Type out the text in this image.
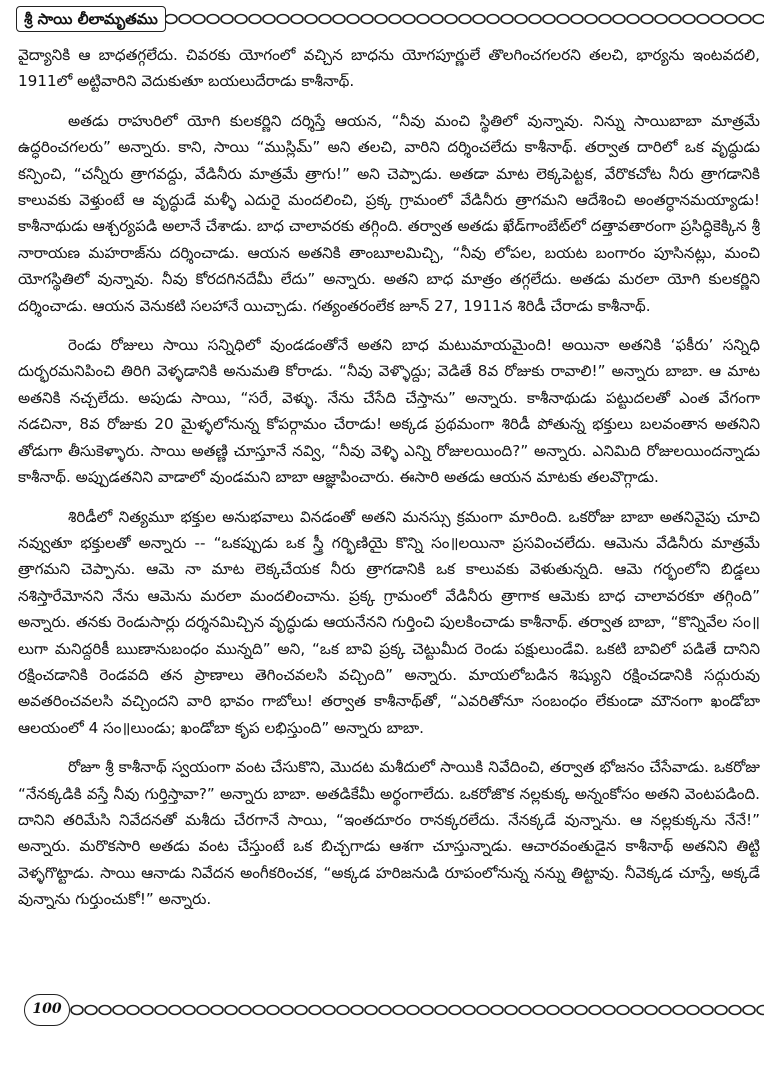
శ్రీ సాయి లీలామృతము

వైద్యానికి ఆ బాధతగ్గలేదు. చివరకు యోగంలో వచ్చిన బాధను యోగపూర్ణులే తొలగించగలరని తలచి, భార్యను ఇంటవదలి, 1911లో అట్టివారిని వెదుకుతూ బయలుదేరాడు కాశీనాథ్.

అతడు రాహురిలో యోగి కులకర్ణిని దర్శిస్తే ఆయన, “నీవు మంచి స్థితిలో వున్నావు. నిన్ను సాయిబాబా మాత్రమే ఉద్ధరించగలరు” అన్నారు. కాని, సాయి “ముస్లిమ్” అని తలచి, వారిని దర్శించలేదు కాశీనాథ్. తర్వాత దారిలో ఒక వృద్ధుడు కన్పించి, “చన్నీరు త్రాగవద్దు, వేడినీరు మాత్రమే త్రాగు!” అని చెప్పాడు. అతడా మాట లెక్కపెట్టక, వేరొకచోట నీరు త్రాగడానికి కాలువకు వెళ్తుంటే ఆ వృద్ధుడే మళ్ళీ ఎదురై మందలించి, ప్రక్క గ్రామంలో వేడినీరు త్రాగమని ఆదేశించి అంతర్ధానమయ్యాడు! కాశీనాథుడు ఆశ్చర్యపడి అలానే చేశాడు. బాధ చాలావరకు తగ్గింది. తర్వాత అతడు ఖేడ్‌గాంబేట్‌లో దత్తావతారంగా ప్రసిద్ధికెక్కిన శ్రీ నారాయణ మహరాజ్‌ను దర్శించాడు. ఆయన అతనికి తాంబూలమిచ్చి, “నీవు లోపల, బయట బంగారం పూసినట్లు, మంచి యోగస్థితిలో వున్నావు. నీవు కోరదగినదేమీ లేదు” అన్నారు. అతని బాధ మాత్రం తగ్గలేదు. అతడు మరలా యోగి కులకర్ణిని దర్శించాడు. ఆయన వెనుకటి సలహానే యిచ్చాడు. గత్యంతరంలేక జూన్ 27, 1911న శిరిడీ చేరాడు కాశీనాథ్.

రెండు రోజులు సాయి సన్నిధిలో వుండడంతోనే అతని బాధ మటుమాయమైంది! అయినా అతనికి ‘ఫకీరు’ సన్నిధి దుర్భరమనిపించి తిరిగి వెళ్ళడానికి అనుమతి కోరాడు. “నీవు వెళ్ళొద్దు; వెడితే 8వ రోజుకు రావాలి!” అన్నారు బాబా. ఆ మాట అతనికి నచ్చలేదు. అపుడు సాయి, “సరే, వెళ్ళు. నేను చేసేది చేస్తాను” అన్నారు. కాశీనాథుడు పట్టుదలతో ఎంత వేగంగా నడచినా, 8వ రోజుకు 20 మైళ్ళలోనున్న కోపర్గామం చేరాడు! అక్కడ ప్రథమంగా శిరిడీ పోతున్న భక్తులు బలవంతాన అతనిని తోడుగా తీసుకెళ్ళారు. సాయి అతణ్ణి చూస్తూనే నవ్వి, “నీవు వెళ్ళి ఎన్ని రోజులయింది?” అన్నారు. ఎనిమిది రోజులయిందన్నాడు కాశీనాథ్. అప్పుడతనిని వాడాలో వుండమని బాబా ఆజ్ఞాపించారు. ఈసారి అతడు ఆయన మాటకు తలవొగ్గాడు.

శిరిడీలో నిత్యమూ భక్తుల అనుభవాలు వినడంతో అతని మనస్సు క్రమంగా మారింది. ఒకరోజు బాబా అతనివైపు చూచి నవ్వుతూ భక్తులతో అన్నారు -- “ఒకప్పుడు ఒక స్త్రీ గర్భిణియై కొన్ని సం॥లయినా ప్రసవించలేదు. ఆమెను వేడినీరు మాత్రమే త్రాగమని చెప్పాను. ఆమె నా మాట లెక్కచేయక నీరు త్రాగడానికి ఒక కాలువకు వెళుతున్నది. ఆమె గర్భంలోని బిడ్డలు నశిస్తారేమోనని నేను ఆమెను మరలా మందలించాను. ప్రక్క గ్రామంలో వేడినీరు త్రాగాక ఆమెకు బాధ చాలావరకూ తగ్గింది” అన్నారు. తనకు రెండుసార్లు దర్శనమిచ్చిన వృద్ధుడు ఆయనేనని గుర్తించి పులకించాడు కాశీనాథ్. తర్వాత బాబా, “కొన్నివేల సం॥లుగా మనిద్దరికీ ఋణానుబంధం మున్నది” అని, “ఒక బావి ప్రక్క చెట్టుమీద రెండు పక్షులుండేవి. ఒకటి బావిలో పడితే దానిని రక్షించడానికి రెండవది తన ప్రాణాలు తెగించవలసి వచ్చింది” అన్నారు. మాయలోబడిన శిష్యుని రక్షించడానికి సద్గురువు అవతరించవలసి వచ్చిందని వారి భావం గాబోలు! తర్వాత కాశీనాథ్‌తో, “ఎవరితోనూ సంబంధం లేకుండా మౌనంగా ఖండోబా ఆలయంలో 4 సం॥లుండు; ఖండోబా కృప లభిస్తుంది” అన్నారు బాబా.

రోజూ శ్రీ కాశీనాథ్ స్వయంగా వంట చేసుకొని, మొదట మశీదులో సాయికి నివేదించి, తర్వాత భోజనం చేసేవాడు. ఒకరోజు “నేనక్కడికి వస్తే నీవు గుర్తిస్తావా?” అన్నారు బాబా. అతడికేమీ అర్థంగాలేదు. ఒకరోజొక నల్లకుక్క అన్నంకోసం అతని వెంటపడింది. దానిని తరిమేసి నివేదనతో మశీదు చేరగానే సాయి, “ఇంతదూరం రానక్కరలేదు. నేనక్కడే వున్నాను. ఆ నల్లకుక్కను నేనే!” అన్నారు. మరొకసారి అతడు వంట చేస్తుంటే ఒక బిచ్చగాడు ఆశగా చూస్తున్నాడు. ఆచారవంతుడైన కాశీనాథ్ అతనిని తిట్టి వెళ్ళగొట్టాడు. సాయి ఆనాడు నివేదన అంగీకరించక, “అక్కడ హరిజనుడి రూపంలోనున్న నన్ను తిట్టావు. నీవెక్కడ చూస్తే, అక్కడే వున్నాను గుర్తుంచుకో!” అన్నారు.

100
